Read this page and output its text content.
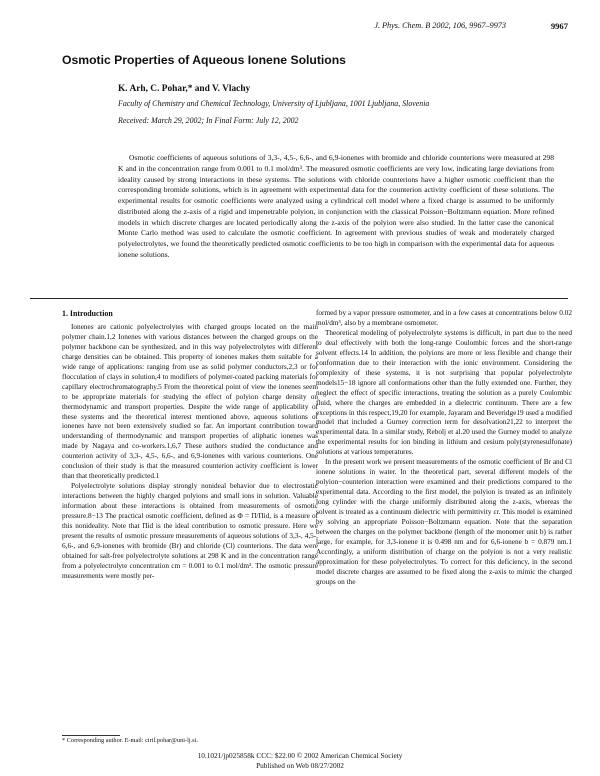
J. Phys. Chem. B 2002, 106, 9967–9973	9967
Osmotic Properties of Aqueous Ionene Solutions
K. Arh, C. Pohar,* and V. Vlachy
Faculty of Chemistry and Chemical Technology, University of Ljubljana, 1001 Ljubljana, Slovenia
Received: March 29, 2002; In Final Form: July 12, 2002
Osmotic coefficients of aqueous solutions of 3,3-, 4,5-, 6,6-, and 6,9-ionenes with bromide and chloride counterions were measured at 298 K and in the concentration range from 0.001 to 0.1 mol/dm³. The measured osmotic coefficients are very low, indicating large deviations from ideality caused by strong interactions in these systems. The solutions with chloride counterions have a higher osmotic coefficient than the corresponding bromide solutions, which is in agreement with experimental data for the counterion activity coefficient of these solutions. The experimental results for osmotic coefficients were analyzed using a cylindrical cell model where a fixed charge is assumed to be uniformly distributed along the z-axis of a rigid and impenetrable polyion, in conjunction with the classical Poisson−Boltzmann equation. More refined models in which discrete charges are located periodically along the z-axis of the polyion were also studied. In the latter case the canonical Monte Carlo method was used to calculate the osmotic coefficient. In agreement with previous studies of weak and moderately charged polyelectrolytes, we found the theoretically predicted osmotic coefficients to be too high in comparison with the experimental data for aqueous ionene solutions.
1. Introduction

Ionenes are cationic polyelectrolytes with charged groups located on the main polymer chain.1,2 Ionenes with various distances between the charged groups on the polymer backbone can be synthesized, and in this way polyelectrolytes with different charge densities can be obtained. This property of ionenes makes them suitable for a wide range of applications: ranging from use as solid polymer conductors,2,3 or for flocculation of clays in solution,4 to modifiers of polymer-coated packing materials for capillary electrochromatography.5 From the theoretical point of view the ionenes seem to be appropriate materials for studying the effect of polyion charge density on thermodynamic and transport properties. Despite the wide range of applicability of these systems and the theoretical interest mentioned above, aqueous solutions of ionenes have not been extensively studied so far. An important contribution toward understanding of thermodynamic and transport properties of aliphatic ionenes was made by Nagaya and co-workers.1,6,7 These authors studied the conductance and counterion activity of 3,3-, 4,5-, 6,6-, and 6,9-ionenes with various counterions. One conclusion of their study is that the measured counterion activity coefficient is lower than that theoretically predicted.1

Polyelectrolyte solutions display strongly nonideal behavior due to electrostatic interactions between the highly charged polyions and small ions in solution. Valuable information about these interactions is obtained from measurements of osmotic pressure.8−13 The practical osmotic coefficient, defined as Φ = Π/Πid, is a measure of this nonideality. Note that Πid is the ideal contribution to osmotic pressure. Here we present the results of osmotic pressure measurements of aqueous solutions of 3,3-, 4,5-, 6,6-, and 6,9-ionenes with bromide (Br) and chloride (Cl) counterions. The data were obtained for salt-free polyelectrolyte solutions at 298 K and in the concentration range from a polyelectrolyte concentration cm = 0.001 to 0.1 mol/dm³. The osmotic pressure measurements were mostly per-

formed by a vapor pressure osmometer, and in a few cases at concentrations below 0.02 mol/dm³, also by a membrane osmometer.

Theoretical modeling of polyelectrolyte systems is difficult, in part due to the need to deal effectively with both the long-range Coulombic forces and the short-range solvent effects.14 In addition, the polyions are more or less flexible and change their conformation due to their interaction with the ionic environment. Considering the complexity of these systems, it is not surprising that popular polyelectrolyte models15−18 ignore all conformations other than the fully extended one. Further, they neglect the effect of specific interactions, treating the solution as a purely Coulombic fluid, where the charges are embedded in a dielectric continuum. There are a few exceptions in this respect,19,20 for example, Jayaram and Beveridge19 used a modified model that included a Gurney correction term for desolvation21,22 to interpret the experimental data. In a similar study, Rebolj et al.20 used the Gurney model to analyze the experimental results for ion binding in lithium and cesium poly(styrenesulfonate) solutions at various temperatures.

In the present work we present measurements of the osmotic coefficient of Br and Cl ionene solutions in water. In the theoretical part, several different models of the polyion−counterion interaction were examined and their predictions compared to the experimental data. According to the first model, the polyion is treated as an infinitely long cylinder with the charge uniformly distributed along the z-axis, whereas the solvent is treated as a continuum dielectric with permittivity εr. This model is examined by solving an appropriate Poisson−Boltzmann equation. Note that the separation between the charges on the polymer backbone (length of the monomer unit b) is rather large, for example, for 3,3-ionene it is 0.498 nm and for 6,6-ionene b = 0.879 nm.1 Accordingly, a uniform distribution of charge on the polyion is not a very realistic approximation for these polyelectrolytes. To correct for this deficiency, in the second model discrete charges are assumed to be fixed along the z-axis to mimic the charged groups on the

* Corresponding author. E-mail: ciril.pohar@uni-lj.si.
10.1021/jp025858k CCC: $22.00 © 2002 American Chemical Society
Published on Web 08/27/2002
